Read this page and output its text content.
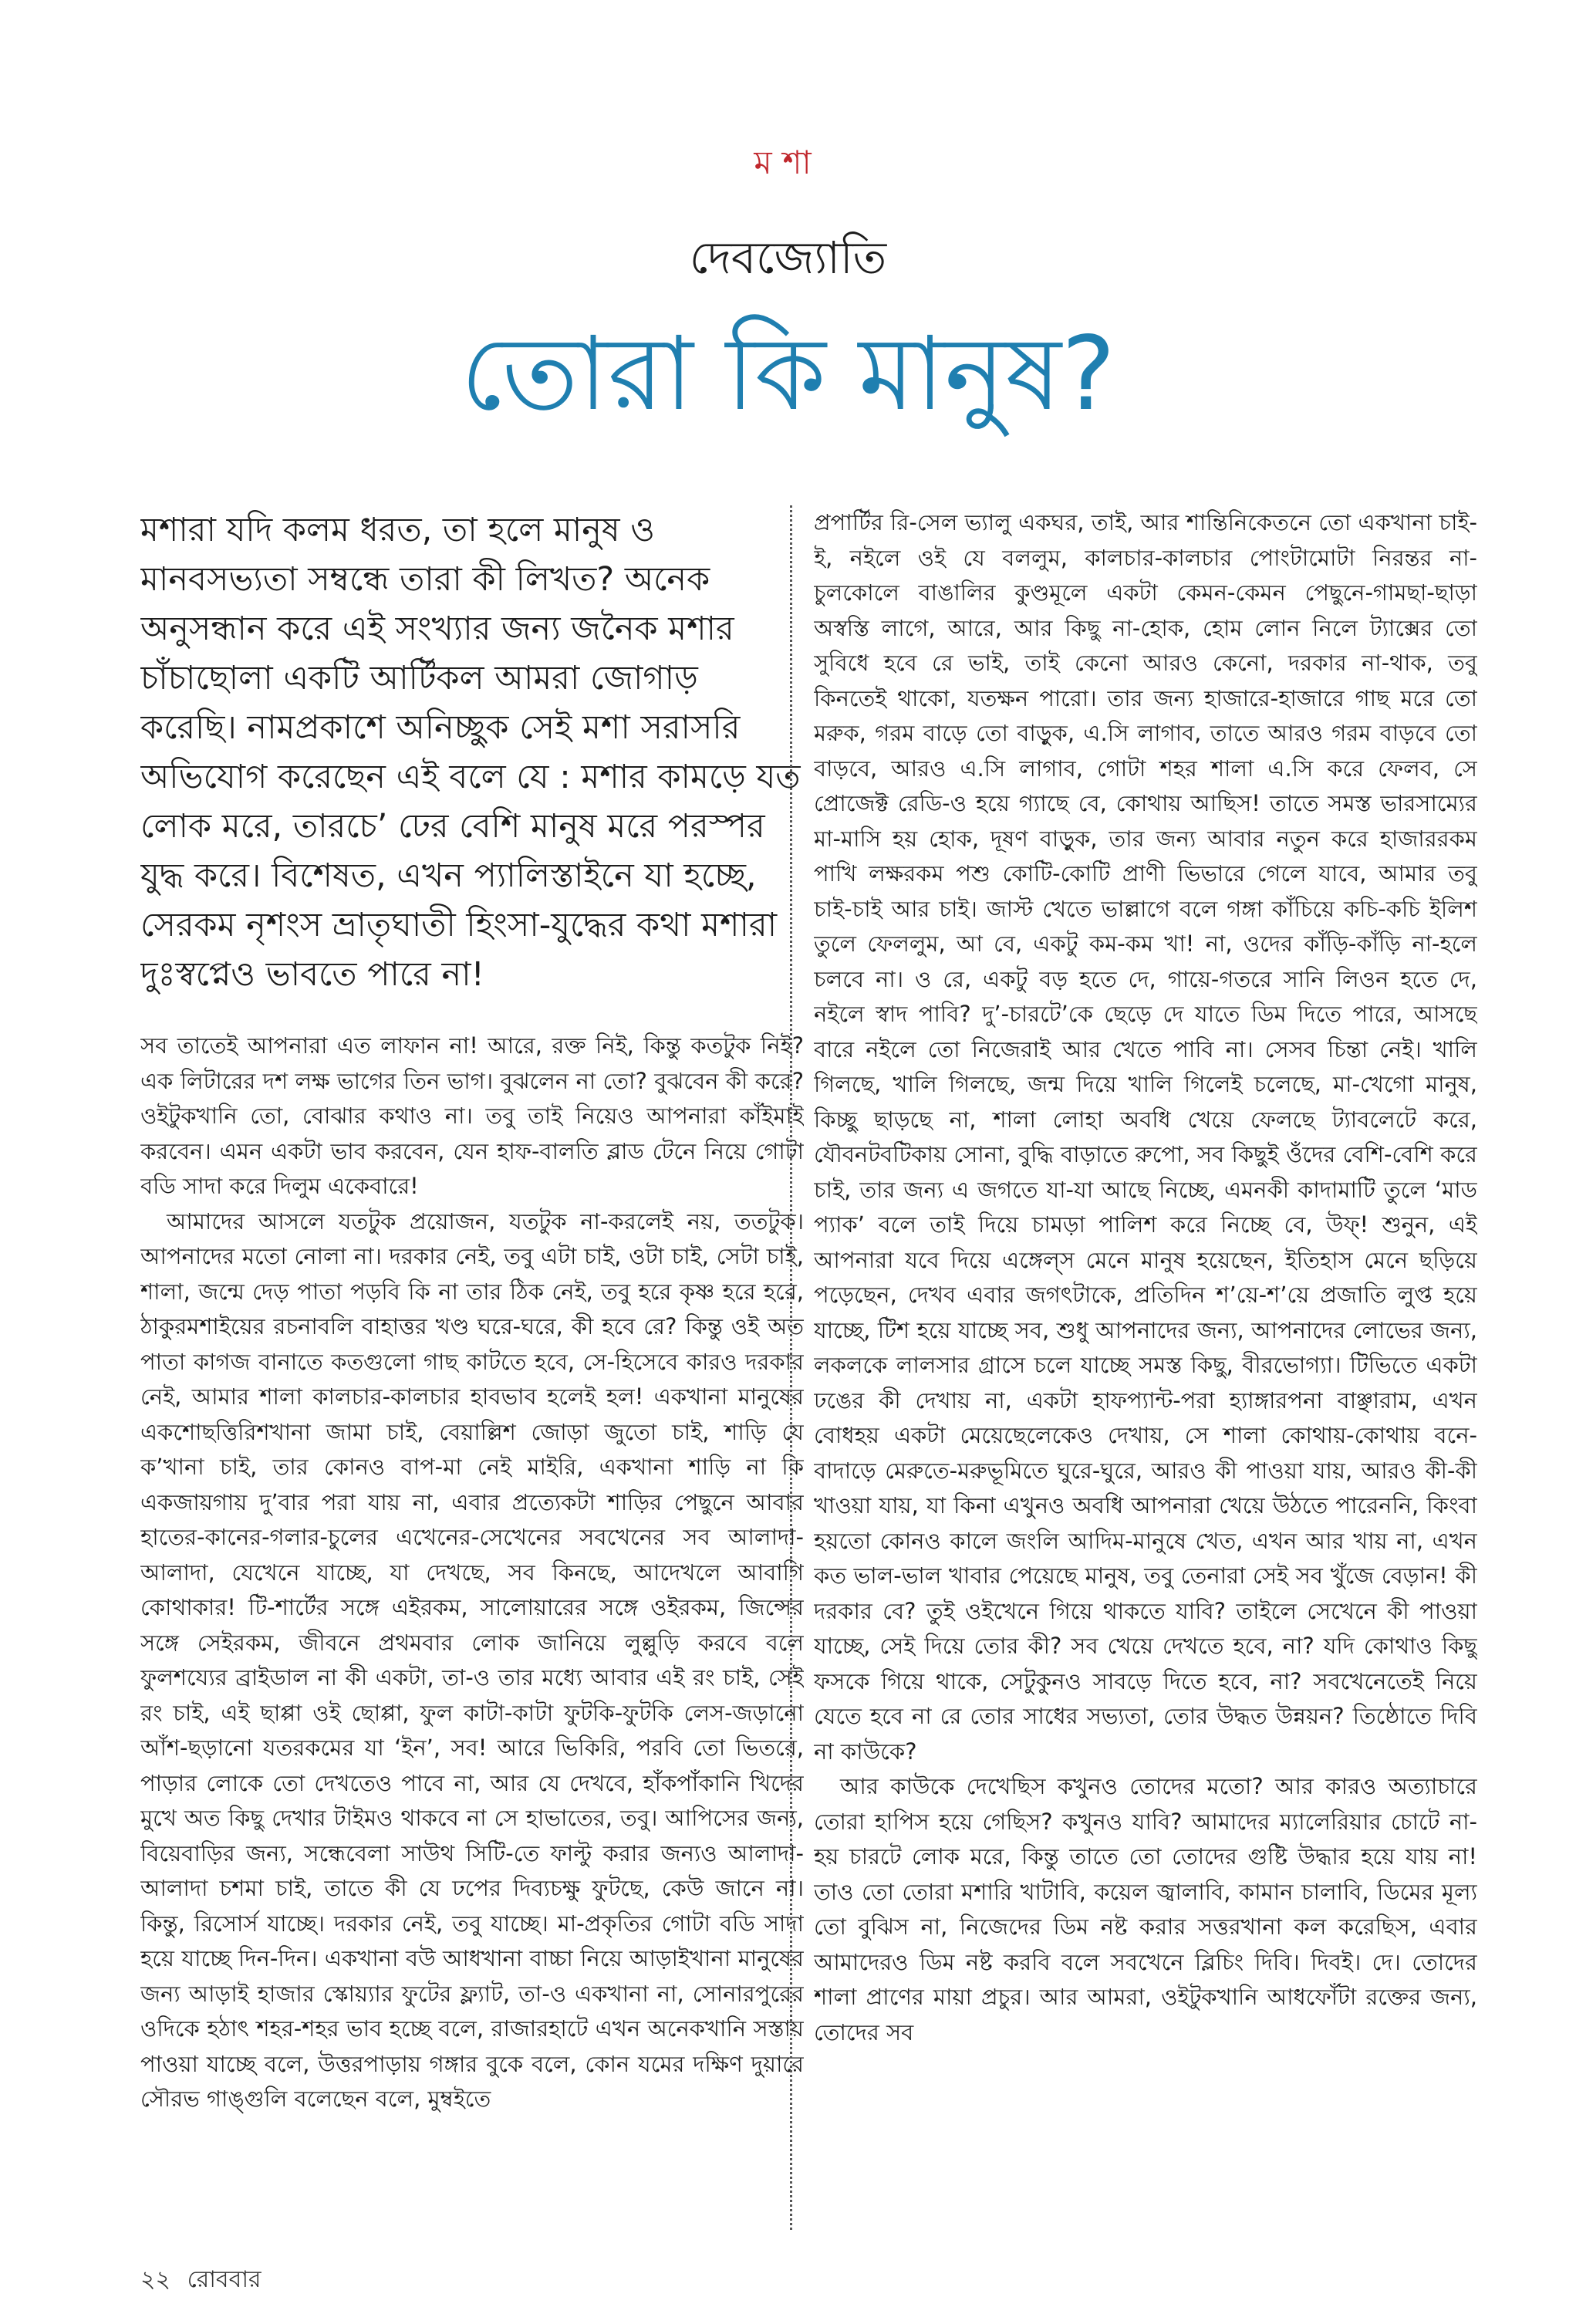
মশা
দেবজ্যোতি
তোরা কি মানুষ?

মশারা যদি কলম ধরত, তা হলে মানুষ ও মানবসভ্যতা সম্বন্ধে তারা কী লিখত? অনেক অনুসন্ধান করে এই সংখ্যার জন্য জনৈক মশার চাঁচাছোলা একটি আর্টিকল আমরা জোগাড় করেছি। নামপ্রকাশে অনিচ্ছুক সেই মশা সরাসরি অভিযোগ করেছেন এই বলে যে : মশার কামড়ে যত লোক মরে, তারচে’ ঢের বেশি মানুষ মরে পরস্পর যুদ্ধ করে। বিশেষত, এখন প্যালিস্তাইনে যা হচ্ছে, সেরকম নৃশংস ভ্রাতৃঘাতী হিংসা-যুদ্ধের কথা মশারা দুঃস্বপ্নেও ভাবতে পারে না!

সব তাতেই আপনারা এত লাফান না! আরে, রক্ত নিই, কিন্তু কতটুক নিই? এক লিটারের দশ লক্ষ ভাগের তিন ভাগ। বুঝলেন না তো? বুঝবেন কী করে? ওইটুকখানি তো, বোঝার কথাও না। তবু তাই নিয়েও আপনারা কাঁইমাই করবেন। এমন একটা ভাব করবেন, যেন হাফ-বালতি ব্লাড টেনে নিয়ে গোটা বডি সাদা করে দিলুম একেবারে!

আমাদের আসলে যতটুক প্রয়োজন, যতটুক না-করলেই নয়, ততটুক। আপনাদের মতো নোলা না। দরকার নেই, তবু এটা চাই, ওটা চাই, সেটা চাই, শালা, জন্মে দেড় পাতা পড়বি কি না তার ঠিক নেই, তবু হরে কৃষ্ণ হরে হরে, ঠাকুরমশাইয়ের রচনাবলি বাহাত্তর খণ্ড ঘরে-ঘরে, কী হবে রে? কিন্তু ওই অত পাতা কাগজ বানাতে কতগুলো গাছ কাটতে হবে, সে-হিসেবে কারও দরকার নেই, আমার শালা কালচার-কালচার হাবভাব হলেই হল! একখানা মানুষের একশোছত্তিরিশখানা জামা চাই, বেয়াল্লিশ জোড়া জুতো চাই, শাড়ি যে ক’খানা চাই, তার কোনও বাপ-মা নেই মাইরি, একখানা শাড়ি না কি একজায়গায় দু’বার পরা যায় না, এবার প্রত্যেকটা শাড়ির পেছুনে আবার হাতের-কানের-গলার-চুলের এখেনের-সেখেনের সবখেনের সব আলাদা-আলাদা, যেখেনে যাচ্ছে, যা দেখছে, সব কিনছে, আদেখলে আবাগি কোথাকার! টি-শার্টের সঙ্গে এইরকম, সালোয়ারের সঙ্গে ওইরকম, জিন্সের সঙ্গে সেইরকম, জীবনে প্রথমবার লোক জানিয়ে লুল্লুড়ি করবে বলে ফুলশয্যের ব্রাইডাল না কী একটা, তা-ও তার মধ্যে আবার এই রং চাই, সেই রং চাই, এই ছাপ্পা ওই ছোপ্পা, ফুল কাটা-কাটা ফুটকি-ফুটকি লেস-জড়ানো আঁশ-ছড়ানো যতরকমের যা ‘ইন’, সব! আরে ভিকিরি, পরবি তো ভিতরে, পাড়ার লোকে তো দেখতেও পাবে না, আর যে দেখবে, হাঁকপাঁকানি খিদের মুখে অত কিছু দেখার টাইমও থাকবে না সে হাভাতের, তবু। আপিসের জন্য, বিয়েবাড়ির জন্য, সন্ধেবেলা সাউথ সিটি-তে ফাল্টু করার জন্যও আলাদা-আলাদা চশমা চাই, তাতে কী যে ঢপের দিব্যচক্ষু ফুটছে, কেউ জানে না। কিন্তু, রিসোর্স যাচ্ছে। দরকার নেই, তবু যাচ্ছে। মা-প্রকৃতির গোটা বডি সাদা হয়ে যাচ্ছে দিন-দিন। একখানা বউ আধখানা বাচ্চা নিয়ে আড়াইখানা মানুষের জন্য আড়াই হাজার স্কোয়্যার ফুটের ফ্ল্যাট, তা-ও একখানা না, সোনারপুরের ওদিকে হঠাৎ শহর-শহর ভাব হচ্ছে বলে, রাজারহাটে এখন অনেকখানি সস্তায় পাওয়া যাচ্ছে বলে, উত্তরপাড়ায় গঙ্গার বুকে বলে, কোন যমের দক্ষিণ দুয়ারে সৌরভ গাঙ্গুলি বলেছেন বলে, মুম্বইতে

প্রপার্টির রি-সেল ভ্যালু একঘর, তাই, আর শান্তিনিকেতনে তো একখানা চাই-ই, নইলে ওই যে বললুম, কালচার-কালচার পোংটামোটা নিরন্তর না-চুলকোলে বাঙালির কুণ্ডমূলে একটা কেমন-কেমন পেছুনে-গামছা-ছাড়া অস্বস্তি লাগে, আরে, আর কিছু না-হোক, হোম লোন নিলে ট্যাক্সের তো সুবিধে হবে রে ভাই, তাই কেনো আরও কেনো, দরকার না-থাক, তবু কিনতেই থাকো, যতক্ষন পারো। তার জন্য হাজারে-হাজারে গাছ মরে তো মরুক, গরম বাড়ে তো বাড়ুক, এ.সি লাগাব, তাতে আরও গরম বাড়বে তো বাড়বে, আরও এ.সি লাগাব, গোটা শহর শালা এ.সি করে ফেলব, সে প্রোজেক্ট রেডি-ও হয়ে গ্যাছে বে, কোথায় আছিস! তাতে সমস্ত ভারসাম্যের মা-মাসি হয় হোক, দূষণ বাড়ুক, তার জন্য আবার নতুন করে হাজাররকম পাখি লক্ষরকম পশু কোটি-কোটি প্রাণী ভিভারে গেলে যাবে, আমার তবু চাই-চাই আর চাই। জাস্ট খেতে ভাল্লাগে বলে গঙ্গা কাঁচিয়ে কচি-কচি ইলিশ তুলে ফেললুম, আ বে, একটু কম-কম খা! না, ওদের কাঁড়ি-কাঁড়ি না-হলে চলবে না। ও রে, একটু বড় হতে দে, গায়ে-গতরে সানি লিওন হতে দে, নইলে স্বাদ পাবি? দু’-চারটে’কে ছেড়ে দে যাতে ডিম দিতে পারে, আসছে বারে নইলে তো নিজেরাই আর খেতে পাবি না। সেসব চিন্তা নেই। খালি গিলছে, খালি গিলছে, জন্ম দিয়ে খালি গিলেই চলেছে, মা-খেগো মানুষ, কিচ্ছু ছাড়ছে না, শালা লোহা অবধি খেয়ে ফেলছে ট্যাবলেটে করে, যৌবনটবটিকায় সোনা, বুদ্ধি বাড়াতে রুপো, সব কিছুই ওঁদের বেশি-বেশি করে চাই, তার জন্য এ জগতে যা-যা আছে নিচ্ছে, এমনকী কাদামাটি তুলে ‘মাড প্যাক’ বলে তাই দিয়ে চামড়া পালিশ করে নিচ্ছে বে, উফ্! শুনুন, এই আপনারা যবে দিয়ে এঙ্গেল্স মেনে মানুষ হয়েছেন, ইতিহাস মেনে ছড়িয়ে পড়েছেন, দেখব এবার জগৎটাকে, প্রতিদিন শ’য়ে-শ’য়ে প্রজাতি লুপ্ত হয়ে যাচ্ছে, টিশ হয়ে যাচ্ছে সব, শুধু আপনাদের জন্য, আপনাদের লোভের জন্য, লকলকে লালসার গ্রাসে চলে যাচ্ছে সমস্ত কিছু, বীরভোগ্যা। টিভিতে একটা ঢঙের কী দেখায় না, একটা হাফপ্যান্ট-পরা হ্যাঙ্গারপনা বাঞ্ছারাম, এখন বোধহয় একটা মেয়েছেলেকেও দেখায়, সে শালা কোথায়-কোথায় বনে-বাদাড়ে মেরুতে-মরুভূমিতে ঘুরে-ঘুরে, আরও কী পাওয়া যায়, আরও কী-কী খাওয়া যায়, যা কিনা এখুনও অবধি আপনারা খেয়ে উঠতে পারেননি, কিংবা হয়তো কোনও কালে জংলি আদিম-মানুষে খেত, এখন আর খায় না, এখন কত ভাল-ভাল খাবার পেয়েছে মানুষ, তবু তেনারা সেই সব খুঁজে বেড়ান! কী দরকার বে? তুই ওইখেনে গিয়ে থাকতে যাবি? তাইলে সেখেনে কী পাওয়া যাচ্ছে, সেই দিয়ে তোর কী? সব খেয়ে দেখতে হবে, না? যদি কোথাও কিছু ফসকে গিয়ে থাকে, সেটুকুনও সাবড়ে দিতে হবে, না? সবখেনেতেই নিয়ে যেতে হবে না রে তোর সাধের সভ্যতা, তোর উদ্ধত উন্নয়ন? তিষ্ঠোতে দিবি না কাউকে?

আর কাউকে দেখেছিস কখুনও তোদের মতো? আর কারও অত্যাচারে তোরা হাপিস হয়ে গেছিস? কখুনও যাবি? আমাদের ম্যালেরিয়ার চোটে না-হয় চারটে লোক মরে, কিন্তু তাতে তো তোদের গুষ্টি উদ্ধার হয়ে যায় না! তাও তো তোরা মশারি খাটাবি, কয়েল জ্বালাবি, কামান চালাবি, ডিমের মূল্য তো বুঝিস না, নিজেদের ডিম নষ্ট করার সত্তরখানা কল করেছিস, এবার আমাদেরও ডিম নষ্ট করবি বলে সবখেনে ব্লিচিং দিবি। দিবই। দে। তোদের শালা প্রাণের মায়া প্রচুর। আর আমরা, ওইটুকখানি আধফোঁটা রক্তের জন্য, তোদের সব

২২ রোববার
